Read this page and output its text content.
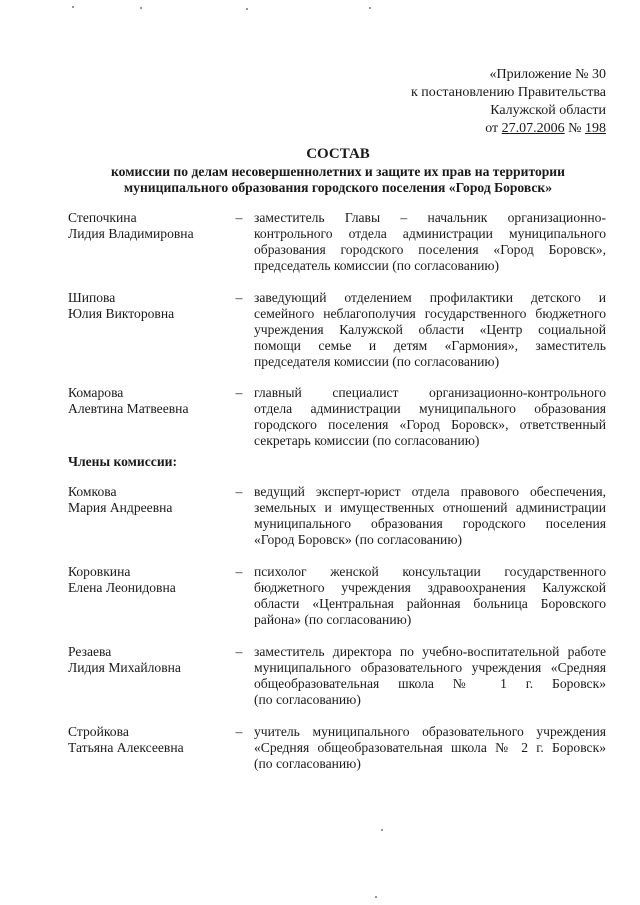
«Приложение № 30
к постановлению Правительства
Калужской области
от 27.07.2006 № 198
СОСТАВ
комиссии по делам несовершеннолетних и защите их прав на территории
муниципального образования городского поселения «Город Боровск»
Степочкина
Лидия Владимировна
– заместитель Главы – начальник организационно-
контрольного отдела администрации муниципального
образования городского поселения «Город Боровск»,
председатель комиссии (по согласованию)
Шипова
Юлия Викторовна
– заведующий отделением профилактики детского и
семейного неблагополучия государственного бюджетного
учреждения Калужской области «Центр социальной
помощи семье и детям «Гармония», заместитель
председателя комиссии (по согласованию)
Комарова
Алевтина Матвеевна
– главный специалист организационно-контрольного
отдела администрации муниципального образования
городского поселения «Город Боровск», ответственный
секретарь комиссии (по согласованию)
Члены комиссии:
Комкова
Мария Андреевна
– ведущий эксперт-юрист отдела правового обеспечения,
земельных и имущественных отношений администрации
муниципального образования городского поселения
«Город Боровск» (по согласованию)
Коровкина
Елена Леонидовна
– психолог женской консультации государственного
бюджетного учреждения здравоохранения Калужской
области «Центральная районная больница Боровского
района» (по согласованию)
Резаева
Лидия Михайловна
– заместитель директора по учебно-воспитательной работе
муниципального образовательного учреждения «Средняя
общеобразовательная школа № 1 г. Боровск»
(по согласованию)
Стройкова
Татьяна Алексеевна
– учитель муниципального образовательного учреждения
«Средняя общеобразовательная школа № 2 г. Боровск»
(по согласованию)
